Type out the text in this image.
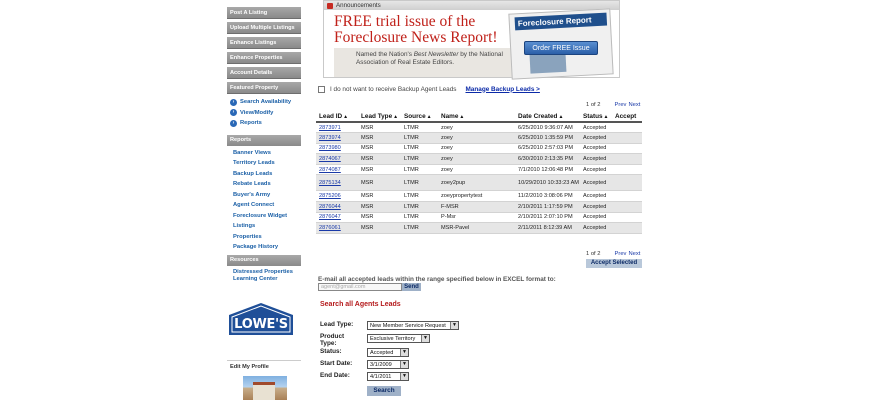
Post A Listing
Upload Multiple Listings
Enhance Listings
Enhance Properties
Account Details
Featured Property
› Search Availability
› View/Modify
› Reports
Reports
Banner Views
Territory Leads
Backup Leads
Rebate Leads
Buyer's Army
Agent Connect
Foreclosure Widget
Listings
Properties
Package History
Resources
Distressed Properties Learning Center
LOWE'S
Edit My Profile
Announcements
FREE trial issue of the Foreclosure News Report!
Named the Nation's Best Newsletter by the National Association of Real Estate Editors.
Foreclosure Report
Order FREE Issue
I do not want to receive Backup Agent Leads Manage Backup Leads >
1 of 2 Prev Next
Lead ID▲	Lead Type▲	Source▲	Name▲	Date Created▲	Status▲	Accept
2873971	MSR	LTMR	zoey	6/25/2010 9:36:07 AM	Accepted	
2873974	MSR	LTMR	zoey	6/25/2010 1:35:59 PM	Accepted	
2873980	MSR	LTMR	zoey	6/25/2010 2:57:03 PM	Accepted	
2874067	MSR	LTMR	zoey	6/30/2010 2:13:35 PM	Accepted	
2874087	MSR	LTMR	zoey	7/1/2010 12:06:48 PM	Accepted	
2875134	MSR	LTMR	zoey2pup	10/29/2010 10:33:23 AM	Accepted	
2875206	MSR	LTMR	zoeypropertytest	11/2/2010 3:08:06 PM	Accepted	
2876044	MSR	LTMR	F-MSR	2/10/2011 1:17:59 PM	Accepted	
2876047	MSR	LTMR	P-Msr	2/10/2011 2:07:10 PM	Accepted	
2876061	MSR	LTMR	MSR-Pavel	2/11/2011 8:12:39 AM	Accepted	
1 of 2 Prev Next
Accept Selected
E-mail all accepted leads within the range specified below in EXCEL format to:
agent@gmail.com	Send
Search all Agents Leads
Lead Type:	New Member Service Request	▼
Product Type:
Exclusive Territory	▼
Status:	Accepted	▼
Start Date:	3/1/2009	▼
End Date:	4/1/2011	▼
Search
